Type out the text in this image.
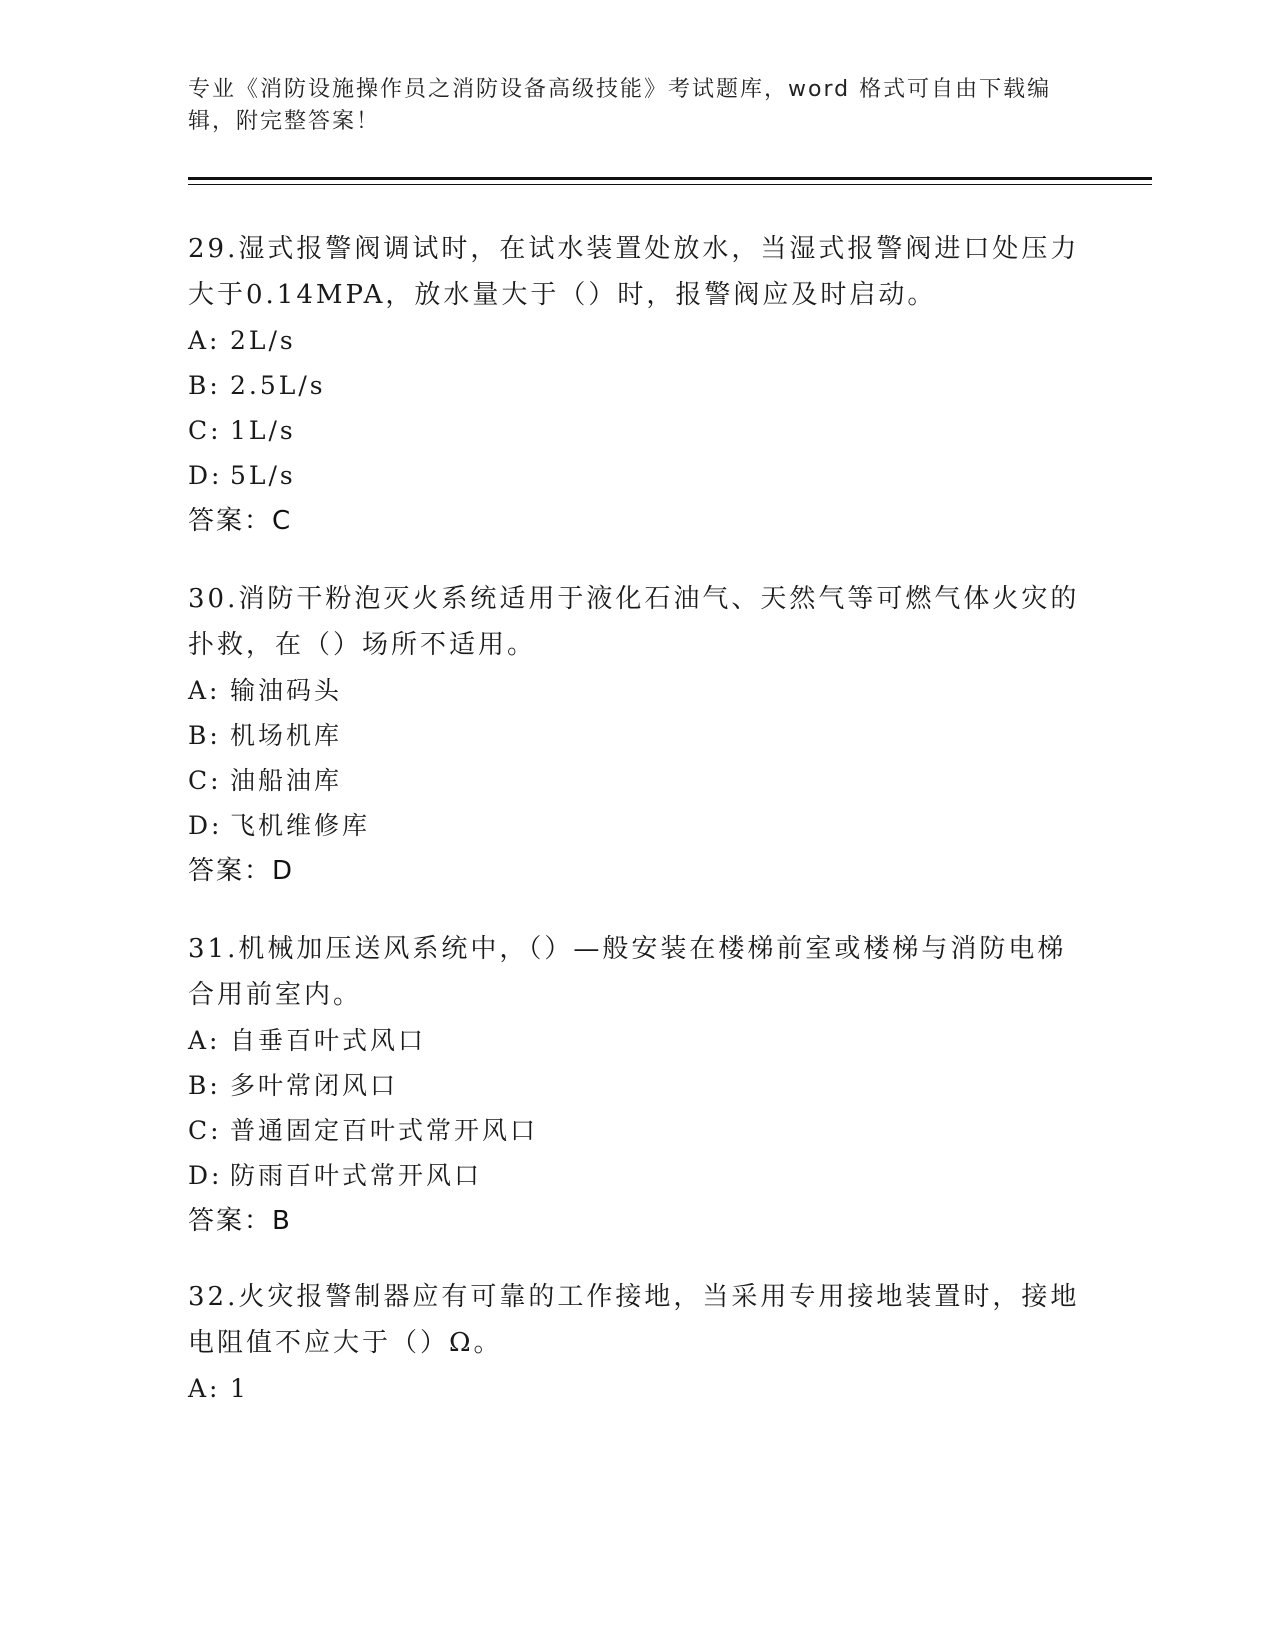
专业《消防设施操作员之消防设备高级技能》考试题库，word 格式可自由下载编
辑，附完整答案！
29.湿式报警阀调试时，在试水装置处放水，当湿式报警阀进口处压力
大于0.14MPA，放水量大于（）时，报警阀应及时启动。
A: 2L/s
B: 2.5L/s
C: 1L/s
D: 5L/s
答案：C
30.消防干粉泡灭火系统适用于液化石油气、天然气等可燃气体火灾的
扑救，在（）场所不适用。
A: 输油码头
B: 机场机库
C: 油船油库
D: 飞机维修库
答案：D
31.机械加压送风系统中，（）—般安装在楼梯前室或楼梯与消防电梯
合用前室内。
A: 自垂百叶式风口
B: 多叶常闭风口
C: 普通固定百叶式常开风口
D: 防雨百叶式常开风口
答案：B
32.火灾报警制器应有可靠的工作接地，当采用专用接地装置时，接地
电阻值不应大于（）Ω。
A: 1
